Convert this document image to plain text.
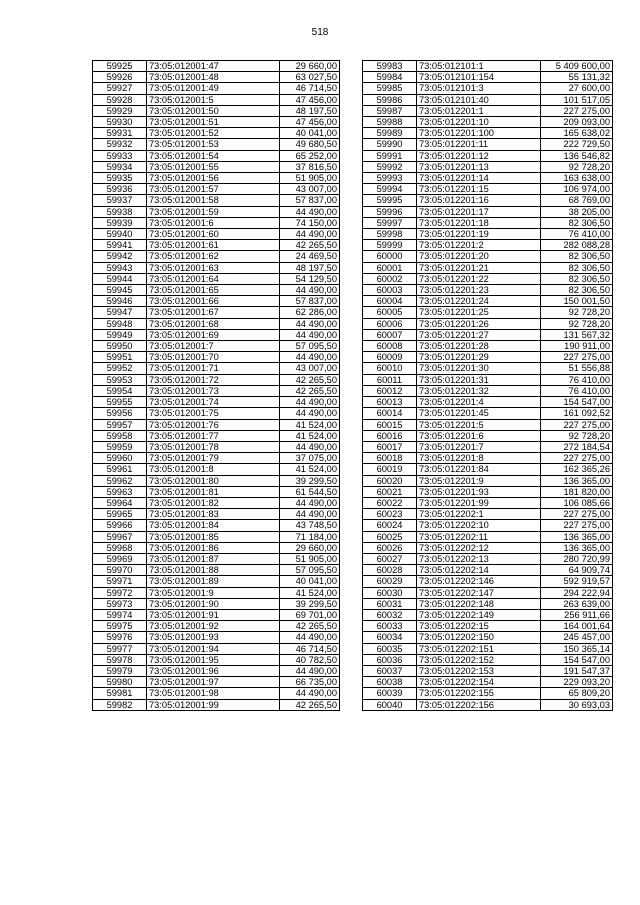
518
59925	73:05:012001:47	29 660,00
59926	73:05:012001:48	63 027,50
59927	73:05:012001:49	46 714,50
59928	73:05:012001:5	47 456,00
59929	73:05:012001:50	48 197,50
59930	73:05:012001:51	47 456,00
59931	73:05:012001:52	40 041,00
59932	73:05:012001:53	49 680,50
59933	73:05:012001:54	65 252,00
59934	73:05:012001:55	37 816,50
59935	73:05:012001:56	51 905,00
59936	73:05:012001:57	43 007,00
59937	73:05:012001:58	57 837,00
59938	73:05:012001:59	44 490,00
59939	73:05:012001:6	74 150,00
59940	73:05:012001:60	44 490,00
59941	73:05:012001:61	42 265,50
59942	73:05:012001:62	24 469,50
59943	73:05:012001:63	48 197,50
59944	73:05:012001:64	54 129,50
59945	73:05:012001:65	44 490,00
59946	73:05:012001:66	57 837,00
59947	73:05:012001:67	62 286,00
59948	73:05:012001:68	44 490,00
59949	73:05:012001:69	44 490,00
59950	73:05:012001:7	57 095,50
59951	73:05:012001:70	44 490,00
59952	73:05:012001:71	43 007,00
59953	73:05:012001:72	42 265,50
59954	73:05:012001:73	42 265,50
59955	73:05:012001:74	44 490,00
59956	73:05:012001:75	44 490,00
59957	73:05:012001:76	41 524,00
59958	73:05:012001:77	41 524,00
59959	73:05:012001:78	44 490,00
59960	73:05:012001:79	37 075,00
59961	73:05:012001:8	41 524,00
59962	73:05:012001:80	39 299,50
59963	73:05:012001:81	61 544,50
59964	73:05:012001:82	44 490,00
59965	73:05:012001:83	44 490,00
59966	73:05:012001:84	43 748,50
59967	73:05:012001:85	71 184,00
59968	73:05:012001:86	29 660,00
59969	73:05:012001:87	51 905,00
59970	73:05:012001:88	57 095,50
59971	73:05:012001:89	40 041,00
59972	73:05:012001:9	41 524,00
59973	73:05:012001:90	39 299,50
59974	73:05:012001:91	69 701,00
59975	73:05:012001:92	42 265,50
59976	73:05:012001:93	44 490,00
59977	73:05:012001:94	46 714,50
59978	73:05:012001:95	40 782,50
59979	73:05:012001:96	44 490,00
59980	73:05:012001:97	66 735,00
59981	73:05:012001:98	44 490,00
59982	73:05:012001:99	42 265,50
59983	73:05:012101:1	5 409 600,00
59984	73:05:012101:154	55 131,32
59985	73:05:012101:3	27 600,00
59986	73:05:012101:40	101 517,05
59987	73:05:012201:1	227 275,00
59988	73:05:012201:10	209 093,00
59989	73:05:012201:100	165 638,02
59990	73:05:012201:11	222 729,50
59991	73:05:012201:12	136 546,82
59992	73:05:012201:13	92 728,20
59993	73:05:012201:14	163 638,00
59994	73:05:012201:15	106 974,00
59995	73:05:012201:16	68 769,00
59996	73:05:012201:17	38 205,00
59997	73:05:012201:18	82 306,50
59998	73:05:012201:19	76 410,00
59999	73:05:012201:2	282 088,28
60000	73:05:012201:20	82 306,50
60001	73:05:012201:21	82 306,50
60002	73:05:012201:22	82 306,50
60003	73:05:012201:23	82 306,50
60004	73:05:012201:24	150 001,50
60005	73:05:012201:25	92 728,20
60006	73:05:012201:26	92 728,20
60007	73:05:012201:27	131 567,32
60008	73:05:012201:28	190 911,00
60009	73:05:012201:29	227 275,00
60010	73:05:012201:30	51 556,88
60011	73:05:012201:31	76 410,00
60012	73:05:012201:32	76 410,00
60013	73:05:012201:4	154 547,00
60014	73:05:012201:45	161 092,52
60015	73:05:012201:5	227 275,00
60016	73:05:012201:6	92 728,20
60017	73:05:012201:7	272 184,54
60018	73:05:012201:8	227 275,00
60019	73:05:012201:84	162 365,26
60020	73:05:012201:9	136 365,00
60021	73:05:012201:93	181 820,00
60022	73:05:012201:99	106 085,66
60023	73:05:012202:1	227 275,00
60024	73:05:012202:10	227 275,00
60025	73:05:012202:11	136 365,00
60026	73:05:012202:12	136 365,00
60027	73:05:012202:13	280 720,99
60028	73:05:012202:14	64 909,74
60029	73:05:012202:146	592 919,57
60030	73:05:012202:147	294 222,94
60031	73:05:012202:148	263 639,00
60032	73:05:012202:149	256 911,66
60033	73:05:012202:15	164 001,64
60034	73:05:012202:150	245 457,00
60035	73:05:012202:151	150 365,14
60036	73:05:012202:152	154 547,00
60037	73:05:012202:153	191 547,37
60038	73:05:012202:154	229 093,20
60039	73:05:012202:155	65 809,20
60040	73:05:012202:156	30 693,03
